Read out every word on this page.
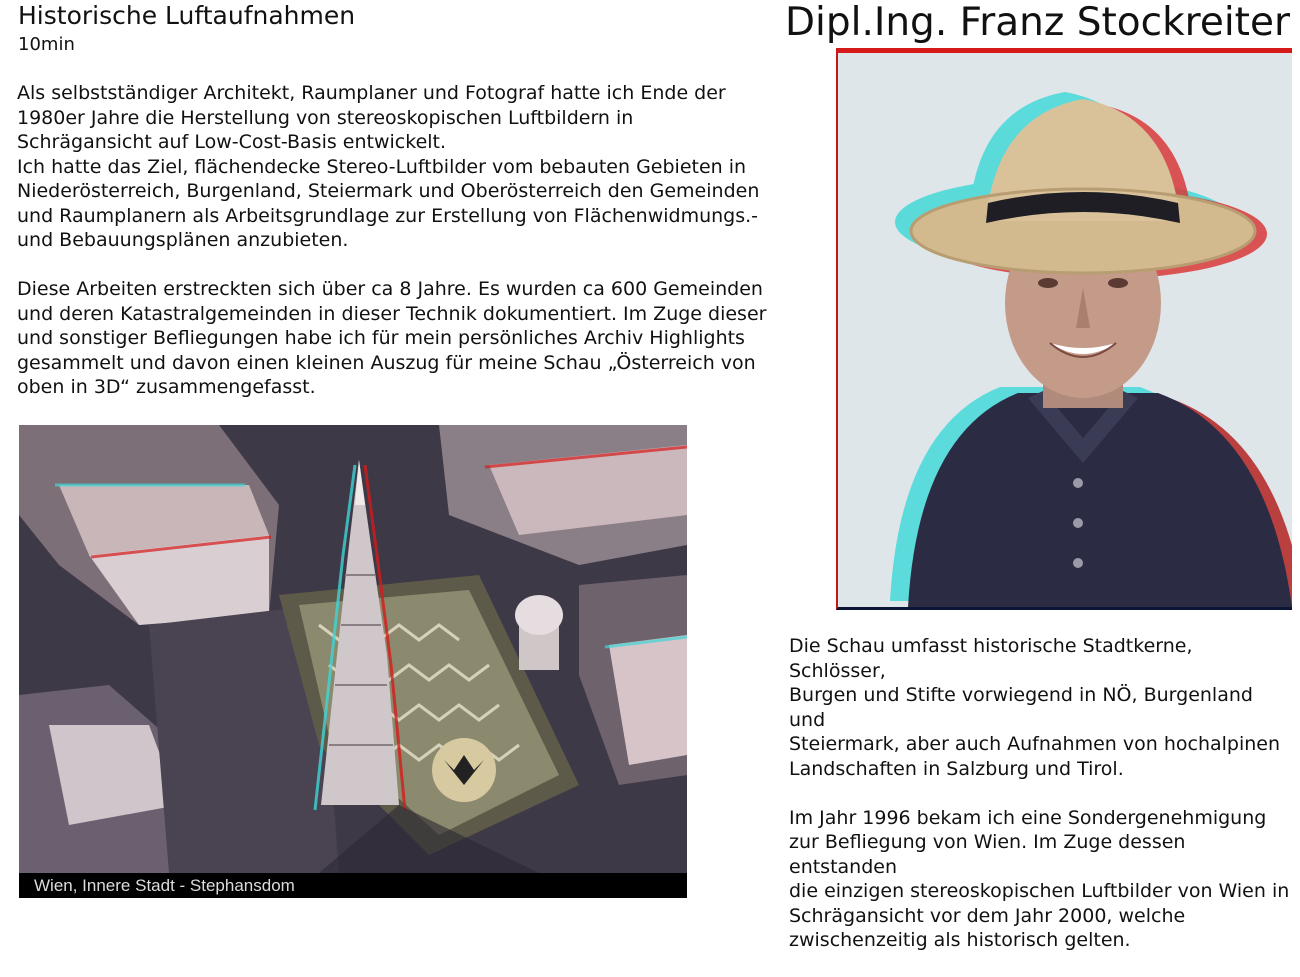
Historische Luftaufnahmen
10min

Als selbstständiger Architekt, Raumplaner und Fotograf hatte ich Ende der
1980er Jahre die Herstellung von stereoskopischen Luftbildern in
Schrägansicht auf Low-Cost-Basis entwickelt.
Ich hatte das Ziel, flächendecke Stereo-Luftbilder vom bebauten Gebieten in
Niederösterreich, Burgenland, Steiermark und Oberösterreich den Gemeinden
und Raumplanern als Arbeitsgrundlage zur Erstellung von Flächenwidmungs.-
und Bebauungsplänen anzubieten.

Diese Arbeiten erstreckten sich über ca 8 Jahre. Es wurden ca 600 Gemeinden
und deren Katastralgemeinden in dieser Technik dokumentiert. Im Zuge dieser
und sonstiger Befliegungen habe ich für mein persönliches Archiv Highlights
gesammelt und davon einen kleinen Auszug für meine Schau „Österreich von
oben in 3D“ zusammengefasst.

Dipl.Ing. Franz Stockreiter

Die Schau umfasst historische Stadtkerne, Schlösser,
Burgen und Stifte vorwiegend in NÖ, Burgenland und
Steiermark, aber auch Aufnahmen von hochalpinen
Landschaften in Salzburg und Tirol.

Im Jahr 1996 bekam ich eine Sondergenehmigung
zur Befliegung von Wien. Im Zuge dessen entstanden
die einzigen stereoskopischen Luftbilder von Wien in
Schrägansicht vor dem Jahr 2000, welche
zwischenzeitig als historisch gelten.

Wien, Innere Stadt - Stephansdom
